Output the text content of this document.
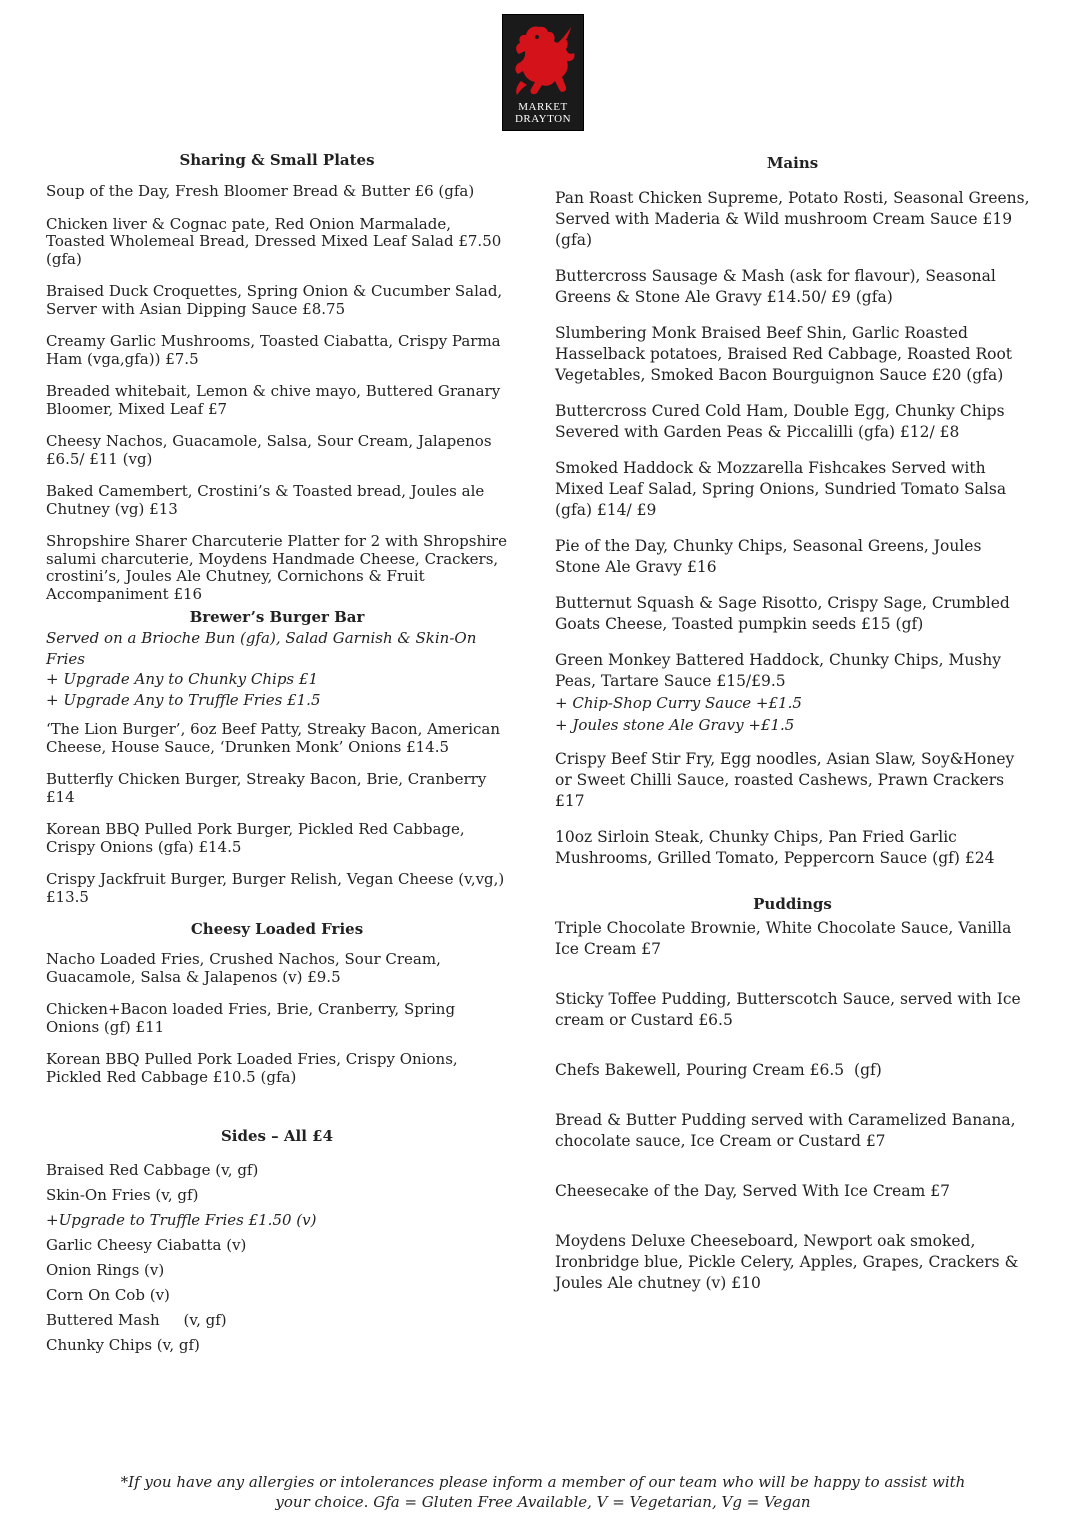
MARKET
DRAYTON

Sharing & Small Plates

Soup of the Day, Fresh Bloomer Bread & Butter £6 (gfa)

Chicken liver & Cognac pate, Red Onion Marmalade, Toasted Wholemeal Bread, Dressed Mixed Leaf Salad £7.50 (gfa)

Braised Duck Croquettes, Spring Onion & Cucumber Salad, Server with Asian Dipping Sauce £8.75

Creamy Garlic Mushrooms, Toasted Ciabatta, Crispy Parma Ham (vga,gfa)) £7.5

Breaded whitebait, Lemon & chive mayo, Buttered Granary Bloomer, Mixed Leaf £7

Cheesy Nachos, Guacamole, Salsa, Sour Cream, Jalapenos £6.5/ £11 (vg)

Baked Camembert, Crostini’s & Toasted bread, Joules ale Chutney (vg) £13

Shropshire Sharer Charcuterie Platter for 2 with Shropshire salumi charcuterie, Moydens Handmade Cheese, Crackers, crostini’s, Joules Ale Chutney, Cornichons & Fruit Accompaniment £16

Brewer’s Burger Bar

Served on a Brioche Bun (gfa), Salad Garnish & Skin-On Fries

+ Upgrade Any to Chunky Chips £1

+ Upgrade Any to Truffle Fries £1.5

‘The Lion Burger’, 6oz Beef Patty, Streaky Bacon, American Cheese, House Sauce, ‘Drunken Monk’ Onions £14.5

Butterfly Chicken Burger, Streaky Bacon, Brie, Cranberry £14

Korean BBQ Pulled Pork Burger, Pickled Red Cabbage, Crispy Onions (gfa) £14.5

Crispy Jackfruit Burger, Burger Relish, Vegan Cheese (v,vg,) £13.5

Cheesy Loaded Fries

Nacho Loaded Fries, Crushed Nachos, Sour Cream, Guacamole, Salsa & Jalapenos (v) £9.5

Chicken+Bacon loaded Fries, Brie, Cranberry, Spring Onions (gf) £11

Korean BBQ Pulled Pork Loaded Fries, Crispy Onions, Pickled Red Cabbage £10.5 (gfa)

Sides – All £4

Braised Red Cabbage (v, gf)

Skin-On Fries (v, gf)

+Upgrade to Truffle Fries £1.50 (v)

Garlic Cheesy Ciabatta (v)

Onion Rings (v)

Corn On Cob (v)

Buttered Mash     (v, gf)

Chunky Chips (v, gf)

Mains

Pan Roast Chicken Supreme, Potato Rosti, Seasonal Greens, Served with Maderia & Wild mushroom Cream Sauce £19 (gfa)

Buttercross Sausage & Mash (ask for flavour), Seasonal Greens & Stone Ale Gravy £14.50/ £9 (gfa)

Slumbering Monk Braised Beef Shin, Garlic Roasted Hasselback potatoes, Braised Red Cabbage, Roasted Root Vegetables, Smoked Bacon Bourguignon Sauce £20 (gfa)

Buttercross Cured Cold Ham, Double Egg, Chunky Chips Severed with Garden Peas & Piccalilli (gfa) £12/ £8

Smoked Haddock & Mozzarella Fishcakes Served with Mixed Leaf Salad, Spring Onions, Sundried Tomato Salsa (gfa) £14/ £9

Pie of the Day, Chunky Chips, Seasonal Greens, Joules Stone Ale Gravy £16

Butternut Squash & Sage Risotto, Crispy Sage, Crumbled Goats Cheese, Toasted pumpkin seeds £15 (gf)

Green Monkey Battered Haddock, Chunky Chips, Mushy Peas, Tartare Sauce £15/£9.5

+ Chip-Shop Curry Sauce +£1.5

+ Joules stone Ale Gravy +£1.5

Crispy Beef Stir Fry, Egg noodles, Asian Slaw, Soy&Honey or Sweet Chilli Sauce, roasted Cashews, Prawn Crackers £17

10oz Sirloin Steak, Chunky Chips, Pan Fried Garlic Mushrooms, Grilled Tomato, Peppercorn Sauce (gf) £24

Puddings

Triple Chocolate Brownie, White Chocolate Sauce, Vanilla Ice Cream £7

Sticky Toffee Pudding, Butterscotch Sauce, served with Ice cream or Custard £6.5

Chefs Bakewell, Pouring Cream £6.5  (gf)

Bread & Butter Pudding served with Caramelized Banana, chocolate sauce, Ice Cream or Custard £7

Cheesecake of the Day, Served With Ice Cream £7

Moydens Deluxe Cheeseboard, Newport oak smoked, Ironbridge blue, Pickle Celery, Apples, Grapes, Crackers & Joules Ale chutney (v) £10

*If you have any allergies or intolerances please inform a member of our team who will be happy to assist with
your choice. Gfa = Gluten Free Available, V = Vegetarian, Vg = Vegan
